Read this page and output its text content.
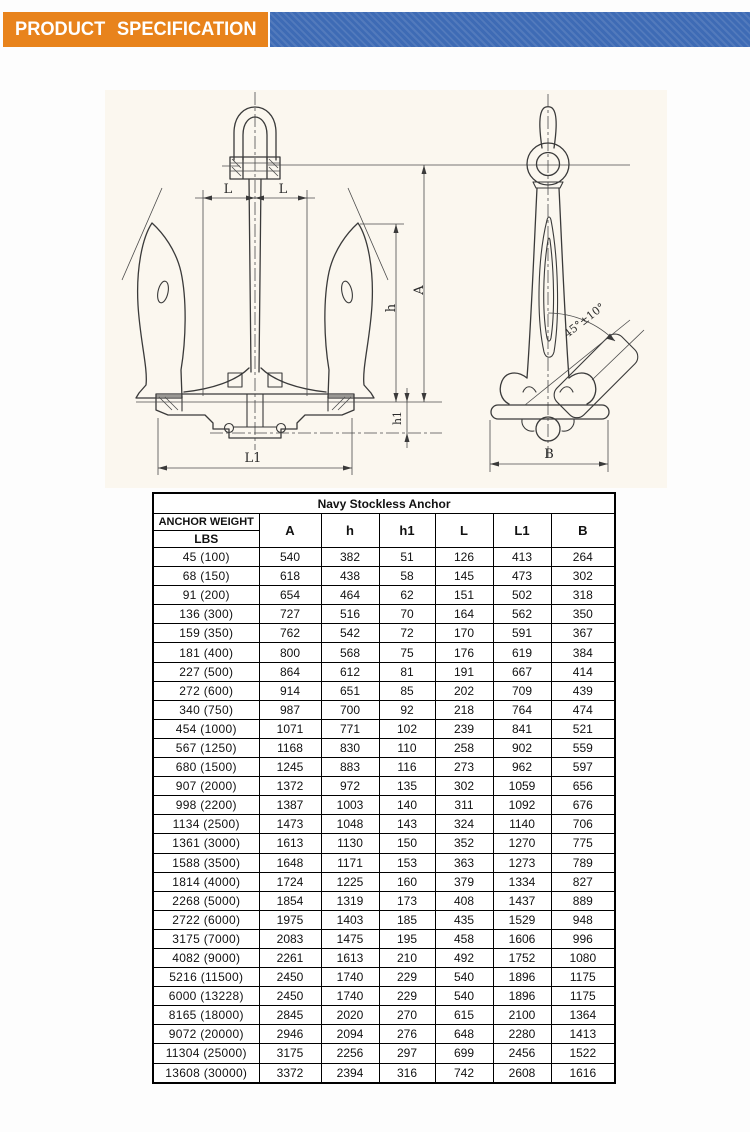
PRODUCT SPECIFICATION
L	L
h
A
h1
L1
45°±10°
B
Navy Stockless Anchor						

ANCHOR WEIGHT
LBS	A	h	h1	L	L1	B
45 (100)	540	382	51	126	413	264
68 (150)	618	438	58	145	473	302
91 (200)	654	464	62	151	502	318
136 (300)	727	516	70	164	562	350
159 (350)	762	542	72	170	591	367
181 (400)	800	568	75	176	619	384
227 (500)	864	612	81	191	667	414
272 (600)	914	651	85	202	709	439
340 (750)	987	700	92	218	764	474
454 (1000)	1071	771	102	239	841	521
567 (1250)	1168	830	110	258	902	559
680 (1500)	1245	883	116	273	962	597
907 (2000)	1372	972	135	302	1059	656
998 (2200)	1387	1003	140	311	1092	676
1134 (2500)	1473	1048	143	324	1140	706
1361 (3000)	1613	1130	150	352	1270	775
1588 (3500)	1648	1171	153	363	1273	789
1814 (4000)	1724	1225	160	379	1334	827
2268 (5000)	1854	1319	173	408	1437	889
2722 (6000)	1975	1403	185	435	1529	948
3175 (7000)	2083	1475	195	458	1606	996
4082 (9000)	2261	1613	210	492	1752	1080
5216 (11500)	2450	1740	229	540	1896	1175
6000 (13228)	2450	1740	229	540	1896	1175
8165 (18000)	2845	2020	270	615	2100	1364
9072 (20000)	2946	2094	276	648	2280	1413
11304 (25000)	3175	2256	297	699	2456	1522
13608 (30000)	3372	2394	316	742	2608	1616
